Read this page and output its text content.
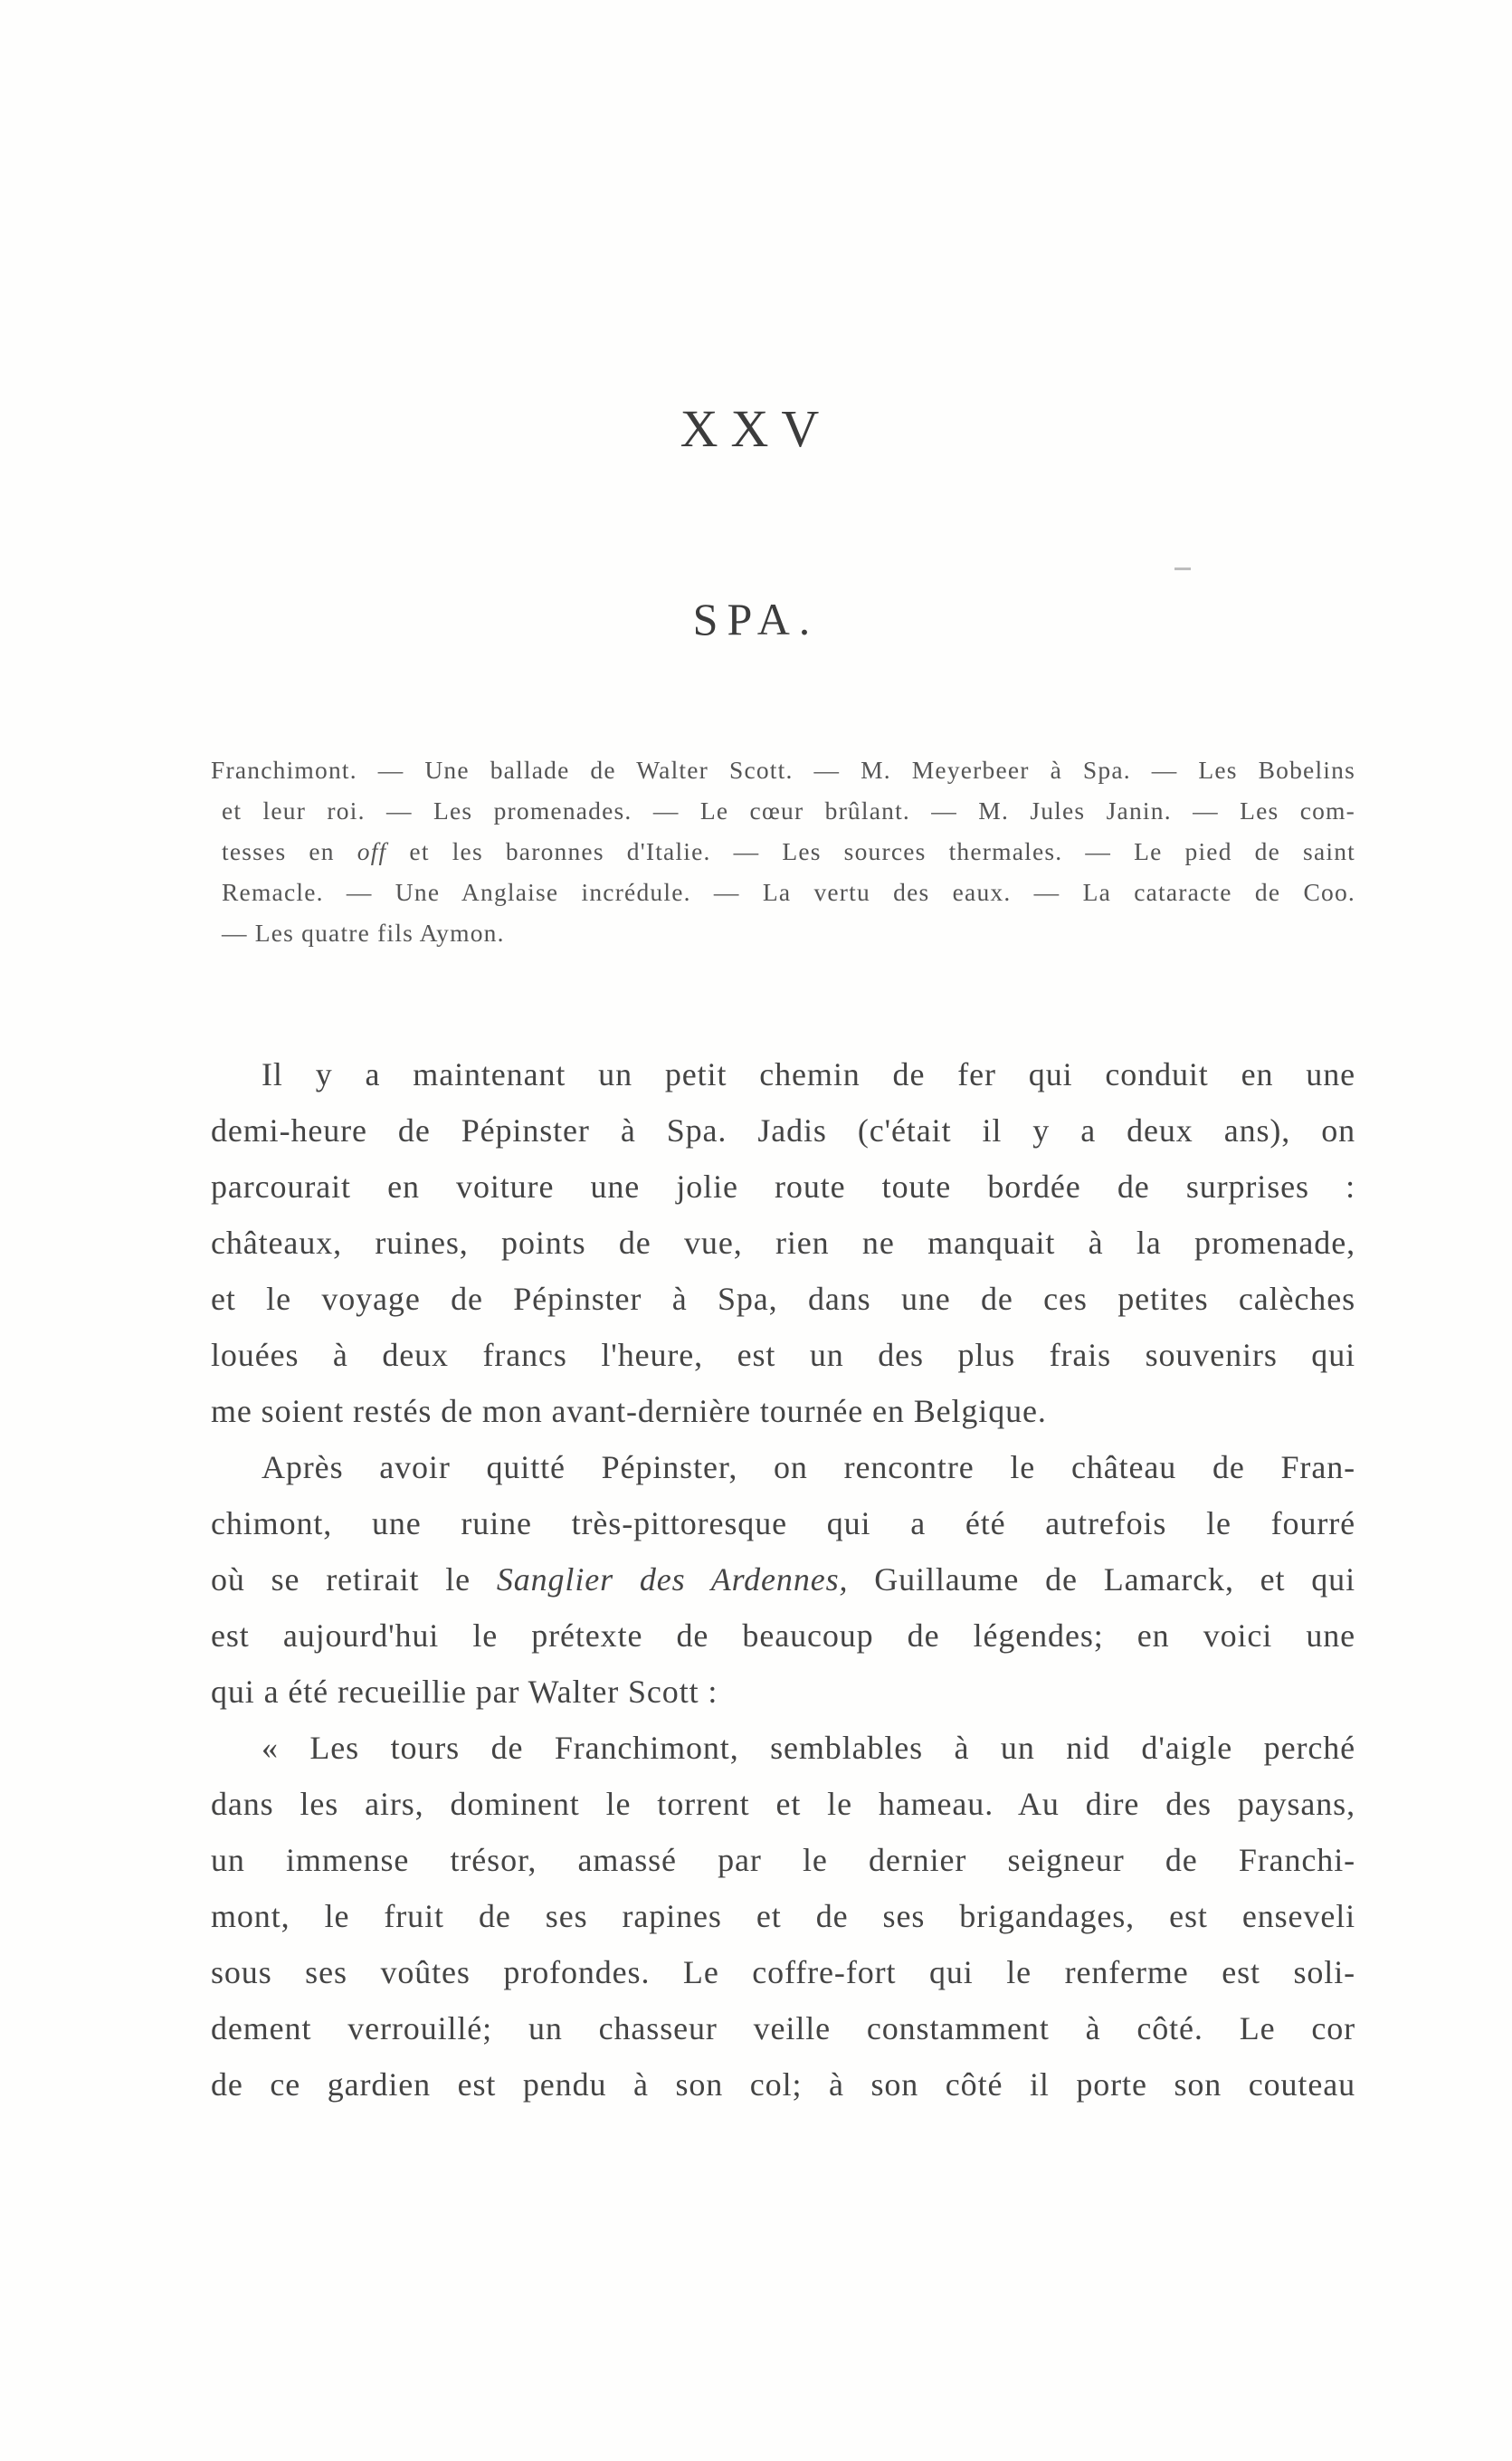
XXV
SPA.
Franchimont. — Une ballade de Walter Scott. — M. Meyerbeer à Spa. — Les Bobelins
et leur roi. — Les promenades. — Le cœur brûlant. — M. Jules Janin. — Les com-
tesses en off et les baronnes d'Italie. — Les sources thermales. — Le pied de saint
Remacle. — Une Anglaise incrédule. — La vertu des eaux. — La cataracte de Coo.
— Les quatre fils Aymon.
Il y a maintenant un petit chemin de fer qui conduit en une
demi-heure de Pépinster à Spa. Jadis (c'était il y a deux ans), on
parcourait en voiture une jolie route toute bordée de surprises :
châteaux, ruines, points de vue, rien ne manquait à la promenade,
et le voyage de Pépinster à Spa, dans une de ces petites calèches
louées à deux francs l'heure, est un des plus frais souvenirs qui
me soient restés de mon avant-dernière tournée en Belgique.
Après avoir quitté Pépinster, on rencontre le château de Fran-
chimont, une ruine très-pittoresque qui a été autrefois le fourré
où se retirait le Sanglier des Ardennes, Guillaume de Lamarck, et qui
est aujourd'hui le prétexte de beaucoup de légendes; en voici une
qui a été recueillie par Walter Scott :
« Les tours de Franchimont, semblables à un nid d'aigle perché
dans les airs, dominent le torrent et le hameau. Au dire des paysans,
un immense trésor, amassé par le dernier seigneur de Franchi-
mont, le fruit de ses rapines et de ses brigandages, est enseveli
sous ses voûtes profondes. Le coffre-fort qui le renferme est soli-
dement verrouillé; un chasseur veille constamment à côté. Le cor
de ce gardien est pendu à son col; à son côté il porte son couteau
